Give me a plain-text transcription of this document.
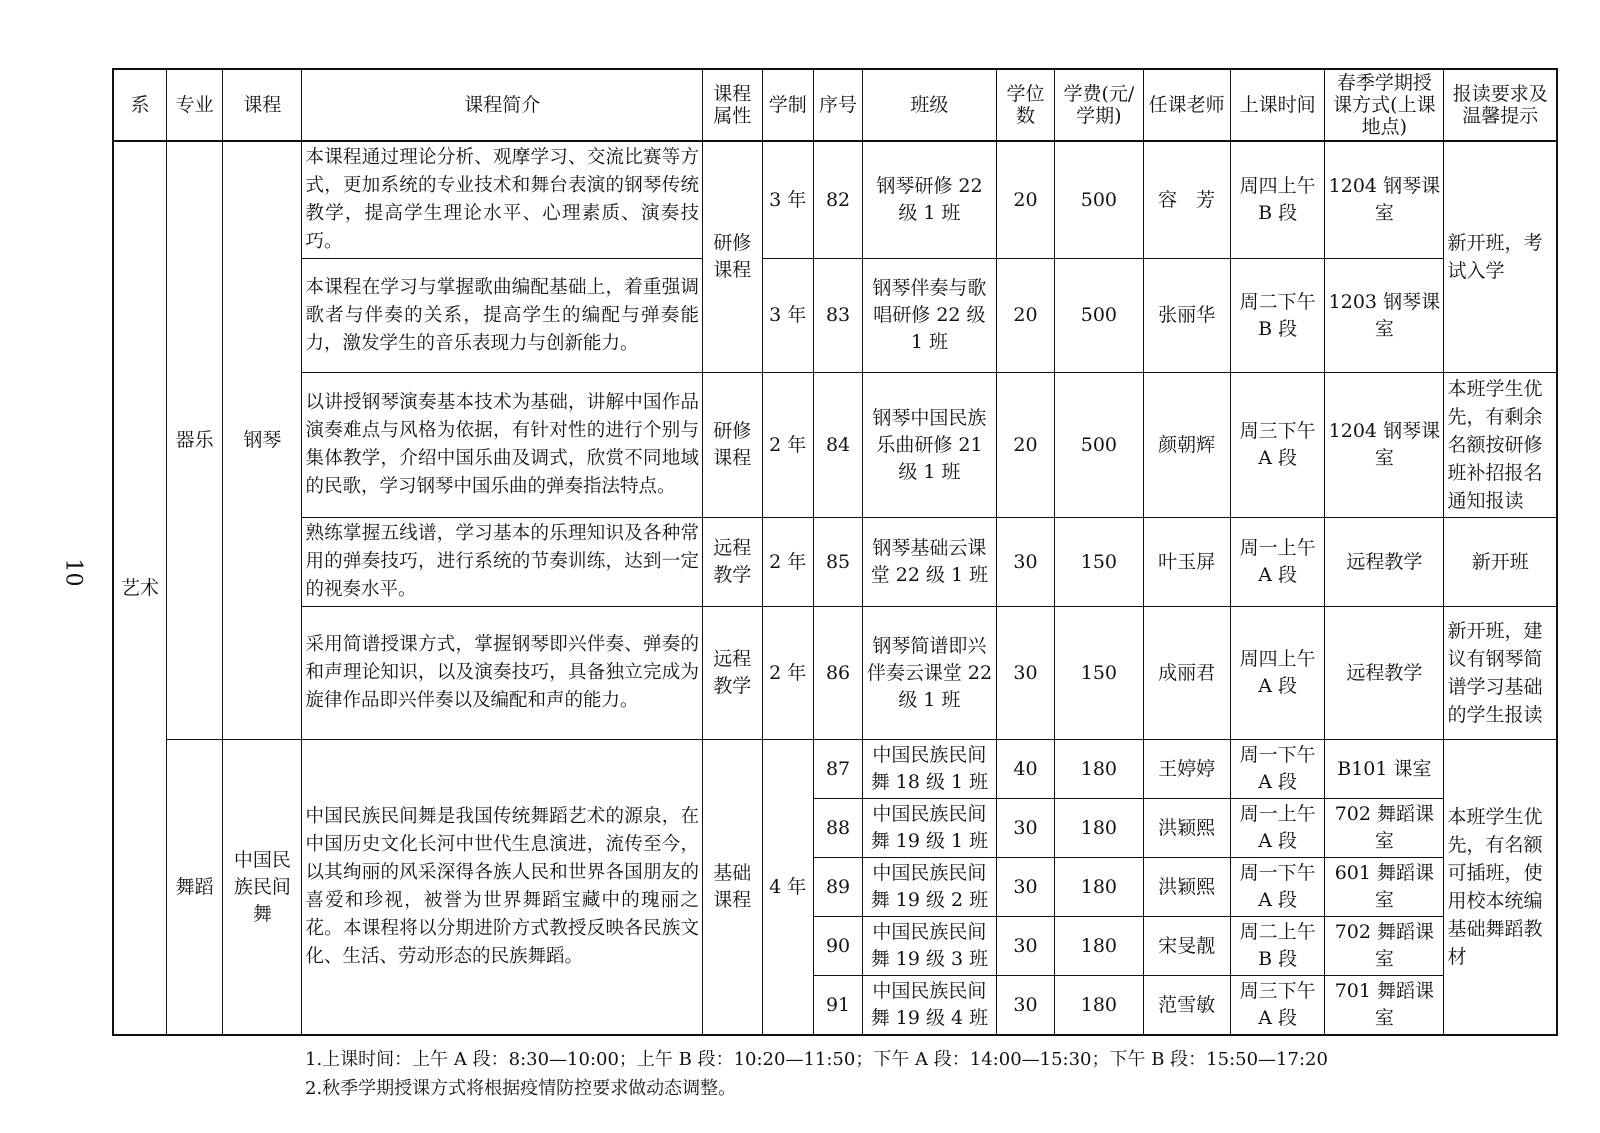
10
系	专业	课程	课程简介	课程属性	学制	序号	班级	学位数	学费(元/学期)	任课老师	上课时间	春季学期授课方式(上课地点)	报读要求及温馨提示
艺术	器乐	钢琴	本课程通过理论分析、观摩学习、交流比赛等方式，更加系统的专业技术和舞台表演的钢琴传统教学，提高学生理论水平、心理素质、演奏技巧。	研修课程	3 年	82	钢琴研修 22 级 1 班	20	500	容　芳	周四上午 B 段	1204 钢琴课室	新开班，考试入学
			本课程在学习与掌握歌曲编配基础上，着重强调歌者与伴奏的关系，提高学生的编配与弹奏能力，激发学生的音乐表现力与创新能力。		3 年	83	钢琴伴奏与歌唱研修 22 级 1 班	20	500	张丽华	周二下午 B 段	1203 钢琴课室	
			以讲授钢琴演奏基本技术为基础，讲解中国作品演奏难点与风格为依据，有针对性的进行个别与集体教学，介绍中国乐曲及调式，欣赏不同地域的民歌，学习钢琴中国乐曲的弹奏指法特点。	研修课程	2 年	84	钢琴中国民族乐曲研修 21 级 1 班	20	500	颜朝辉	周三下午 A 段	1204 钢琴课室	本班学生优先，有剩余名额按研修班补招报名通知报读
			熟练掌握五线谱，学习基本的乐理知识及各种常用的弹奏技巧，进行系统的节奏训练，达到一定的视奏水平。	远程教学	2 年	85	钢琴基础云课堂 22 级 1 班	30	150	叶玉屏	周一上午 A 段	远程教学	新开班
			采用简谱授课方式，掌握钢琴即兴伴奏、弹奏的和声理论知识，以及演奏技巧，具备独立完成为旋律作品即兴伴奏以及编配和声的能力。	远程教学	2 年	86	钢琴简谱即兴伴奏云课堂 22 级 1 班	30	150	成丽君	周四上午 A 段	远程教学	新开班，建议有钢琴简谱学习基础的学生报读
	舞蹈	中国民族民间舞	中国民族民间舞是我国传统舞蹈艺术的源泉，在中国历史文化长河中世代生息演进，流传至今，以其绚丽的风采深得各族人民和世界各国朋友的喜爱和珍视，被誉为世界舞蹈宝藏中的瑰丽之花。本课程将以分期进阶方式教授反映各民族文化、生活、劳动形态的民族舞蹈。	基础课程	4 年	87	中国民族民间舞 18 级 1 班	40	180	王婷婷	周一下午 A 段	B101 课室	本班学生优先，有名额可插班，使用校本统编基础舞蹈教材
						88	中国民族民间舞 19 级 1 班	30	180	洪颖熙	周一上午 A 段	702 舞蹈课室	
						89	中国民族民间舞 19 级 2 班	30	180	洪颖熙	周一下午 A 段	601 舞蹈课室	
						90	中国民族民间舞 19 级 3 班	30	180	宋旻靓	周二上午 B 段	702 舞蹈课室	
						91	中国民族民间舞 19 级 4 班	30	180	范雪敏	周三下午 A 段	701 舞蹈课室	
1.上课时间：上午 A 段：8:30—10:00；上午 B 段：10:20—11:50；下午 A 段：14:00—15:30；下午 B 段：15:50—17:20
2.秋季学期授课方式将根据疫情防控要求做动态调整。
